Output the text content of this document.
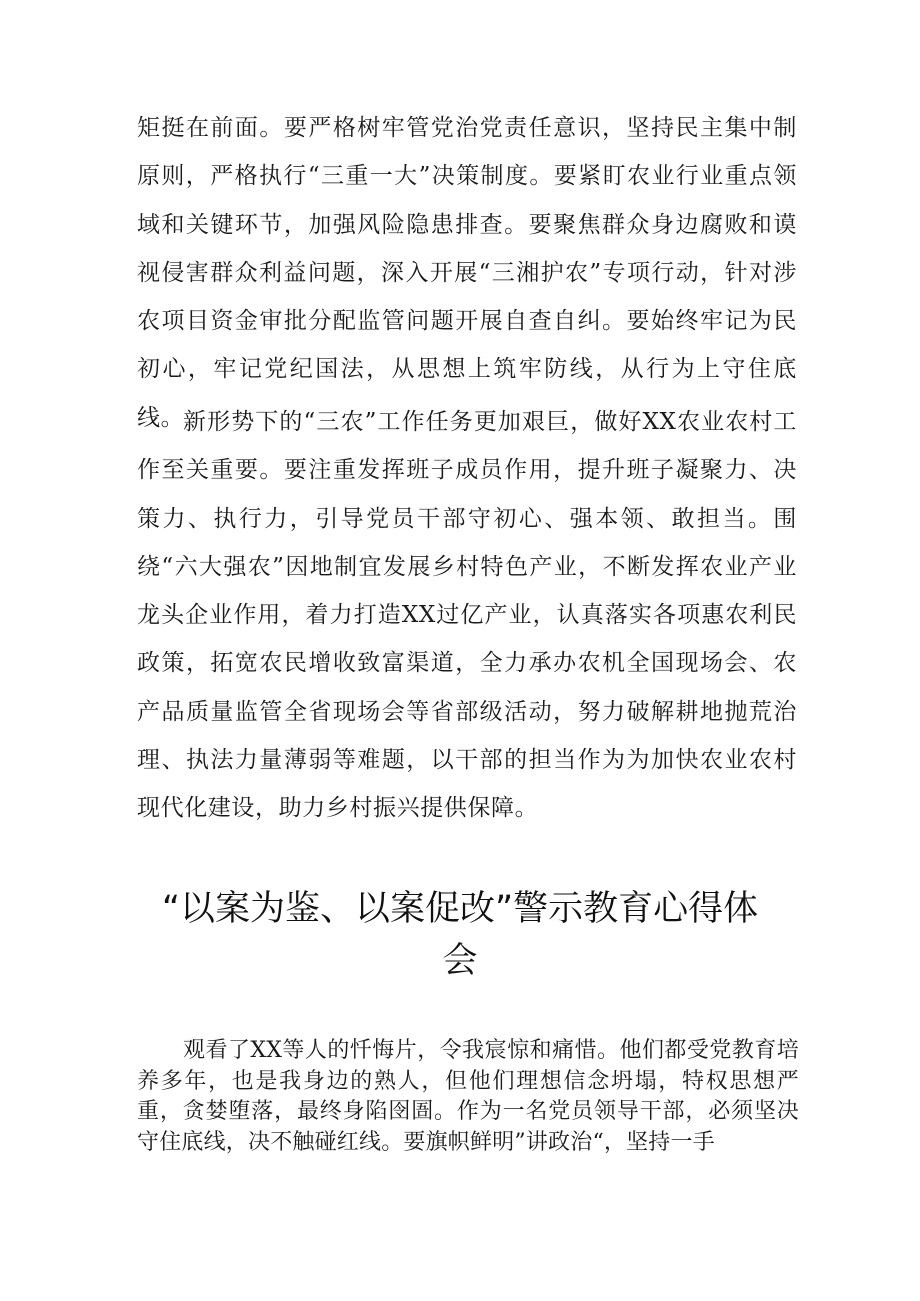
矩挺在前面。要严格树牢管党治党责任意识，坚持民主集中制原则，严格执行“三重一大”决策制度。要紧盯农业行业重点领域和关键环节，加强风险隐患排查。要聚焦群众身边腐败和谟视侵害群众利益问题，深入开展“三湘护农”专项行动，针对涉农项目资金审批分配监管问题开展自查自纠。要始终牢记为民初心，牢记党纪国法，从思想上筑牢防线，从行为上守住底线。

新形势下的“三农”工作任务更加艰巨，做好XX农业农村工作至关重要。要注重发挥班子成员作用，提升班子凝聚力、决策力、执行力，引导党员干部守初心、强本领、敢担当。围绕“六大强农”因地制宜发展乡村特色产业，不断发挥农业产业龙头企业作用，着力打造XX过亿产业，认真落实各项惠农利民政策，拓宽农民增收致富渠道，全力承办农机全国现场会、农产品质量监管全省现场会等省部级活动，努力破解耕地抛荒治理、执法力量薄弱等难题，以干部的担当作为为加快农业农村现代化建设，助力乡村振兴提供保障。

“以案为鉴、以案促改”警示教育心得体会

观看了XX等人的忏悔片，令我宸惊和痛惜。他们都受党教育培养多年，也是我身边的熟人，但他们理想信念坍塌，特权思想严重，贪婪堕落，最终身陷囹圄。作为一名党员领导干部，必须坚决守住底线，决不触碰红线。要旗帜鲜明”讲政治“，坚持一手
